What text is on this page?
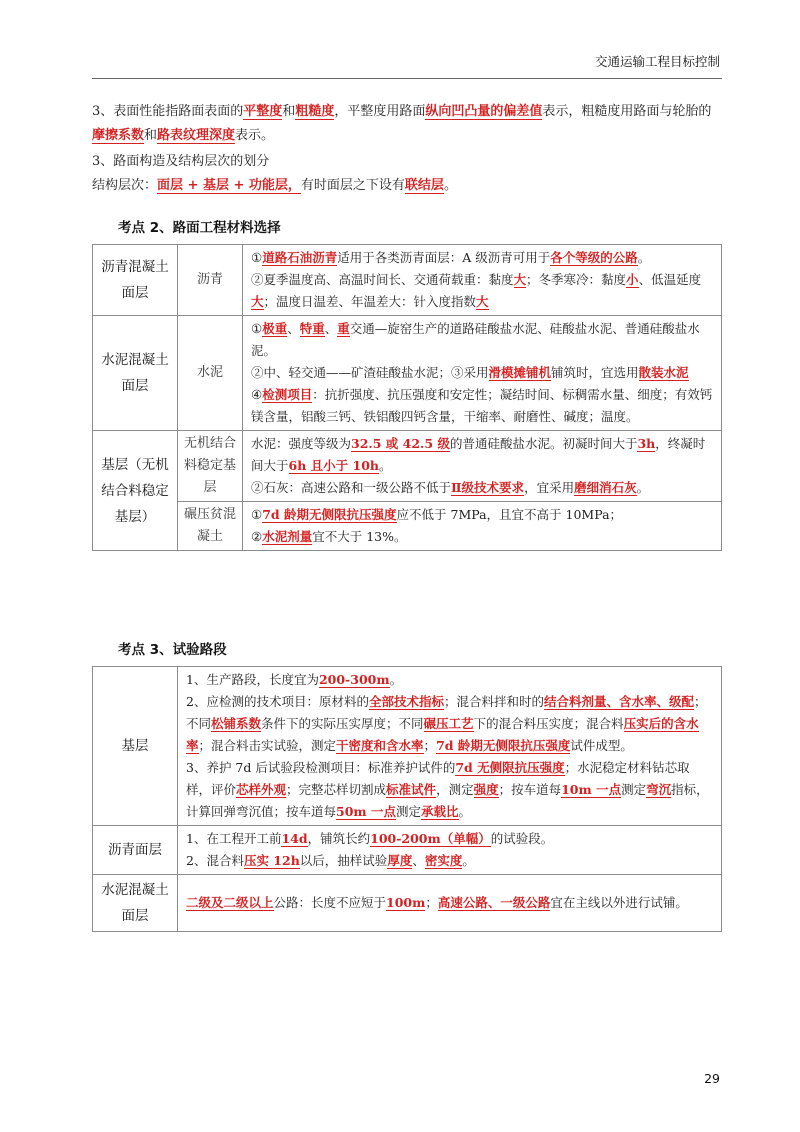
交通运输工程目标控制
3、表面性能指路面表面的平整度和粗糙度，平整度用路面纵向凹凸量的偏差值表示，粗糙度用路面与轮胎的摩擦系数和路表纹理深度表示。
3、路面构造及结构层次的划分
结构层次：面层 + 基层 + 功能层，有时面层之下设有联结层。
考点 2、路面工程材料选择
沥青混凝土面层	沥青	①道路石油沥青适用于各类沥青面层：A 级沥青可用于各个等级的公路。
②夏季温度高、高温时间长、交通荷载重：黏度大；冬季寒冷：黏度小、低温延度大；温度日温差、年温差大：针入度指数大

水泥混凝土面层	水泥	①极重、特重、重交通—旋窑生产的道路硅酸盐水泥、硅酸盐水泥、普通硅酸盐水泥。
②中、轻交通——矿渣硅酸盐水泥；③采用滑模摊铺机铺筑时，宜选用散装水泥
④检测项目：抗折强度、抗压强度和安定性；凝结时间、标稠需水量、细度；有效钙镁含量，铝酸三钙、铁铝酸四钙含量，干缩率、耐磨性、碱度；温度。

基层（无机结合料稳定基层）	无机结合料稳定基层	水泥：强度等级为32.5 或 42.5 级的普通硅酸盐水泥。初凝时间大于3h，终凝时间大于6h 且小于 10h。
②石灰：高速公路和一级公路不低于Ⅱ级技术要求，宜采用磨细消石灰。

	碾压贫混凝土	①7d 龄期无侧限抗压强度应不低于 7MPa，且宜不高于 10MPa；
②水泥剂量宜不大于 13%。
考点 3、试验路段
基层	1、生产路段，长度宜为200-300m。
2、应检测的技术项目：原材料的全部技术指标；混合料拌和时的结合料剂量、含水率、级配；不同松铺系数条件下的实际压实厚度；不同碾压工艺下的混合料压实度；混合料压实后的含水率；混合料击实试验，测定干密度和含水率；7d 龄期无侧限抗压强度试件成型。
3、养护 7d 后试验段检测项目：标准养护试件的7d 无侧限抗压强度；水泥稳定材料钻芯取样，评价芯样外观；完整芯样切割成标准试件，测定强度；按车道每10m 一点测定弯沉指标，计算回弹弯沉值；按车道每50m 一点测定承载比。

沥青面层	1、在工程开工前14d，铺筑长约100-200m（单幅）的试验段。
2、混合料压实 12h以后，抽样试验厚度、密实度。

水泥混凝土面层	二级及二级以上公路：长度不应短于100m；高速公路、一级公路宜在主线以外进行试铺。
29
